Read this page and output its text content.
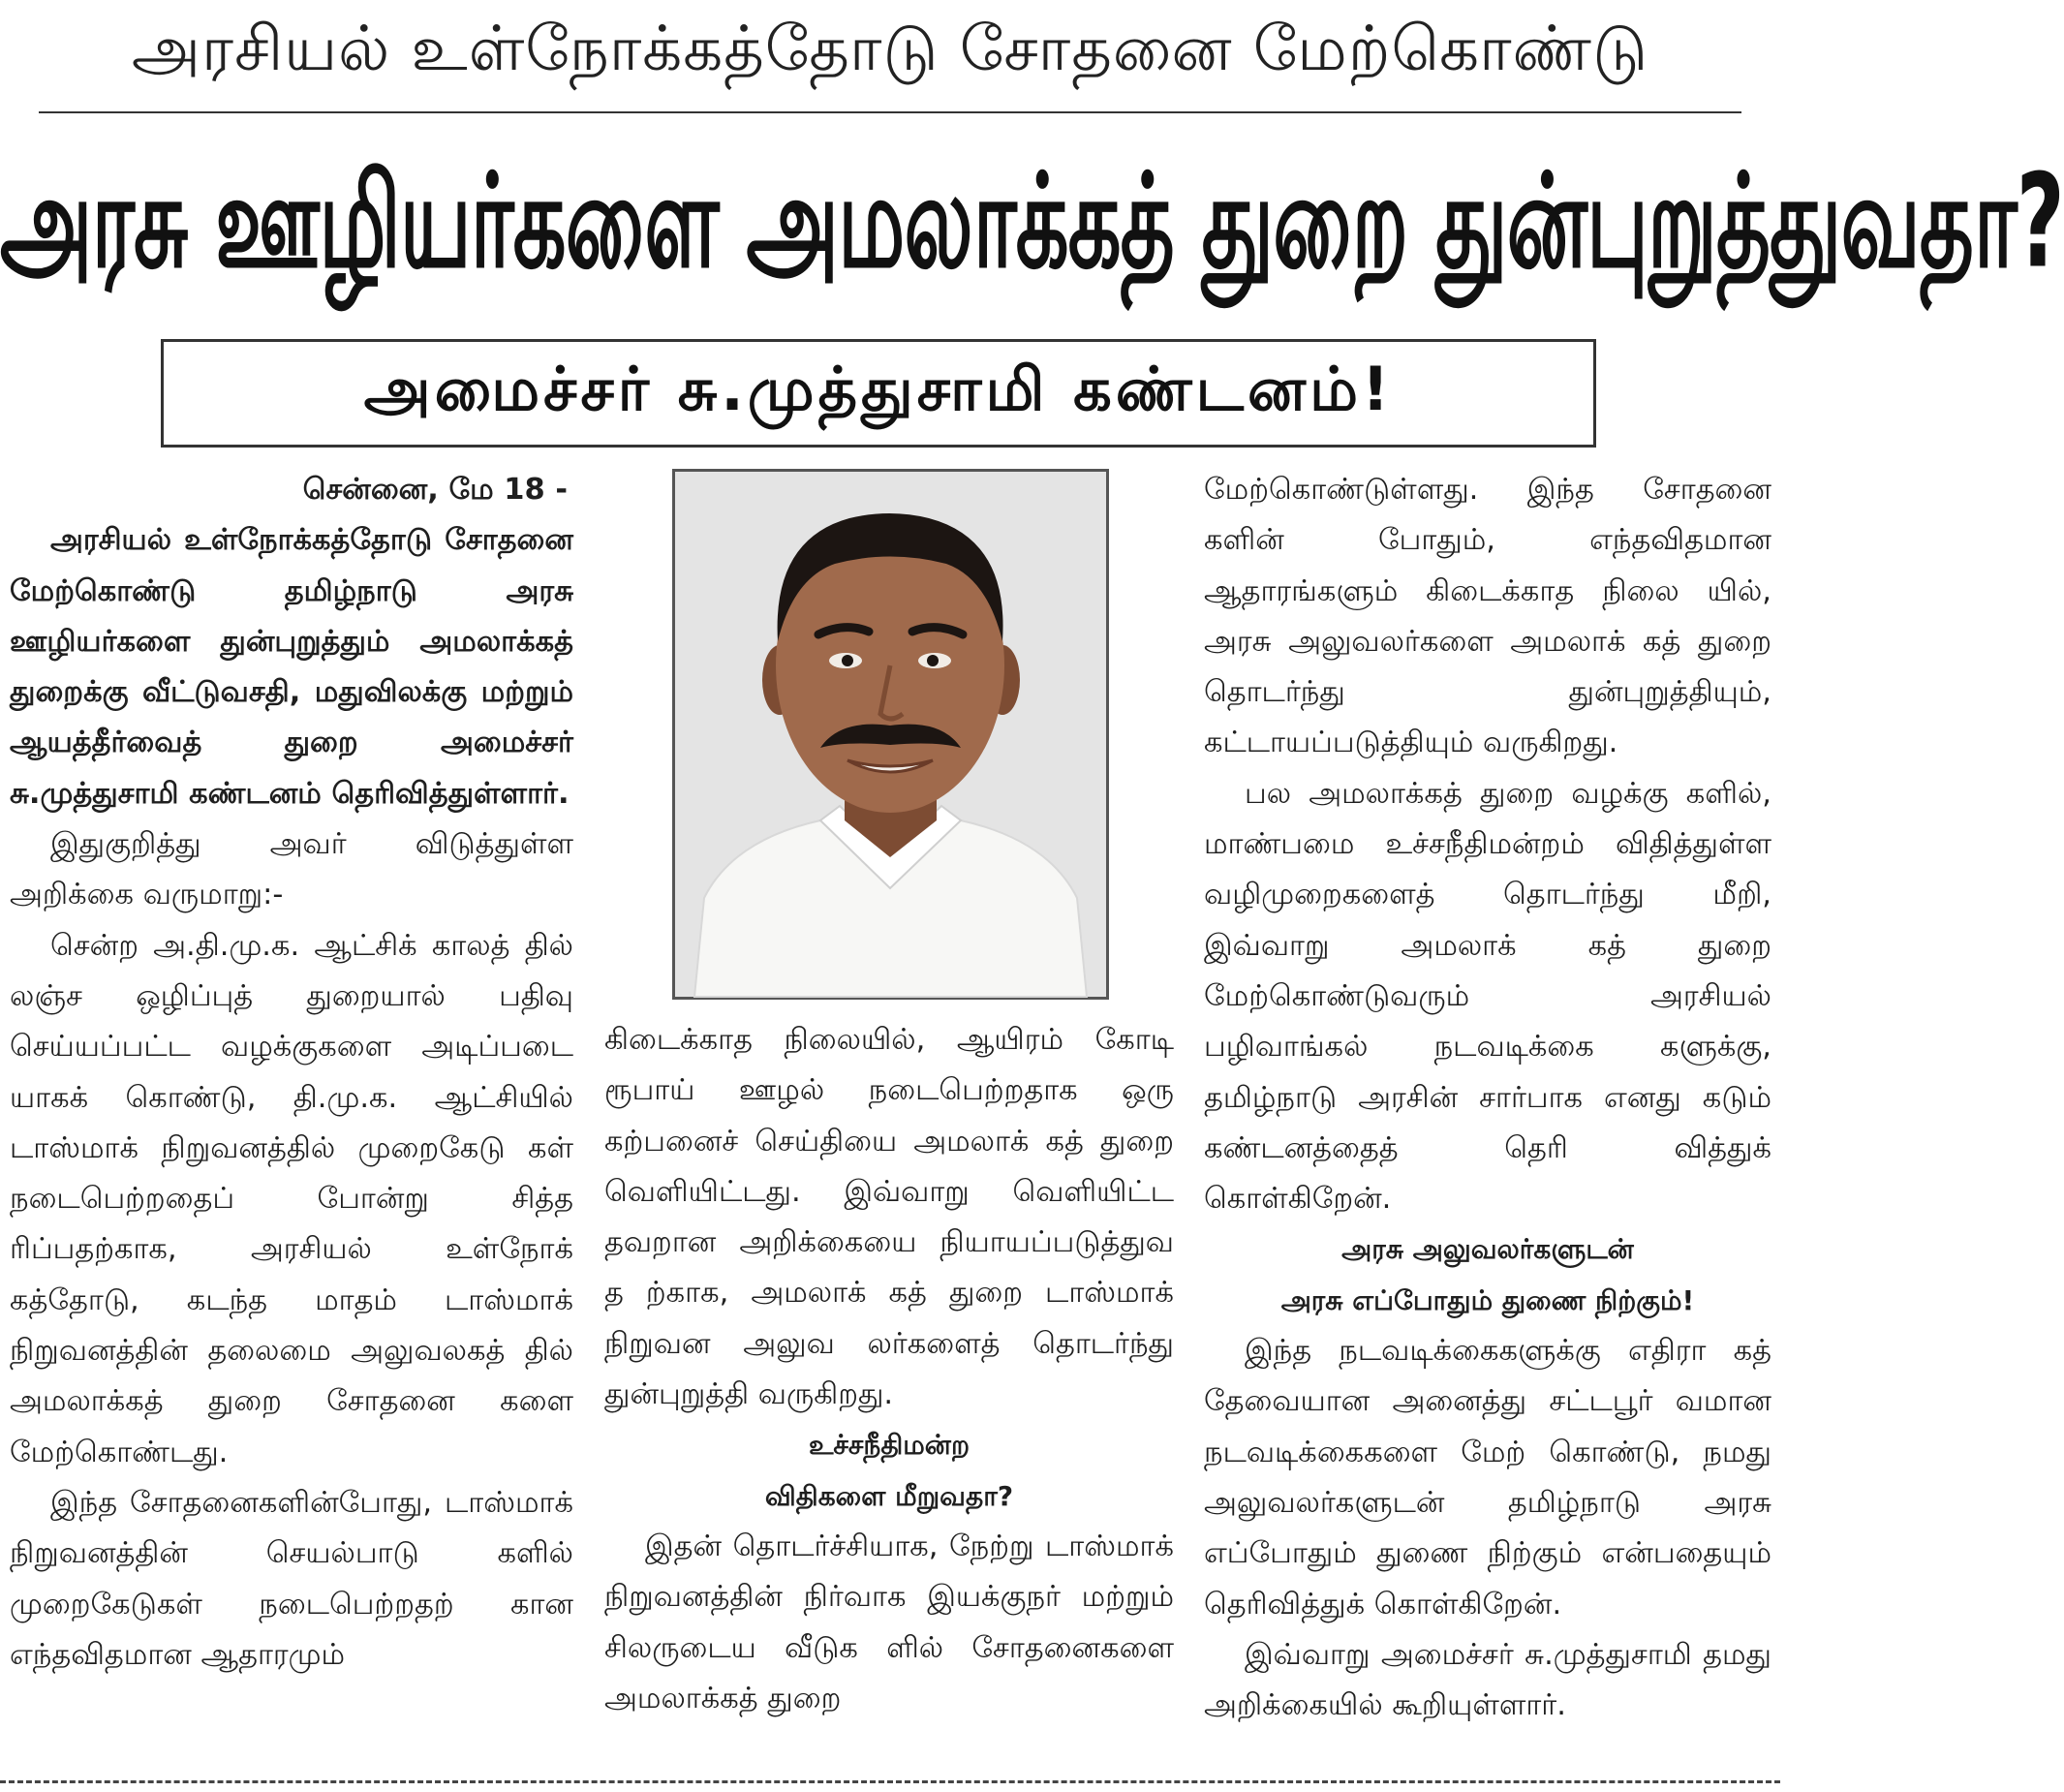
அரசியல் உள்நோக்கத்தோடு சோதனை மேற்கொண்டு
அரசு ஊழியர்களை அமலாக்கத் துறை துன்புறுத்துவதா?
அமைச்சர் சு.முத்துசாமி கண்டனம்!

சென்னை, மே 18 -

அரசியல் உள்நோக்கத்தோடு சோதனை மேற்கொண்டு தமிழ்நாடு அரசு ஊழியர்களை துன்புறுத்தும் அமலாக்கத் துறைக்கு வீட்டுவசதி, மதுவிலக்கு மற்றும் ஆயத்தீர்வைத் துறை அமைச்சர் சு.முத்துசாமி கண்டனம் தெரிவித்துள்ளார்.

இதுகுறித்து அவர் விடுத்துள்ள அறிக்கை வருமாறு:-

சென்ற அ.தி.மு.க. ஆட்சிக் காலத் தில் லஞ்ச ஒழிப்புத் துறையால் பதிவு செய்யப்பட்ட வழக்குகளை அடிப்படை யாகக் கொண்டு, தி.மு.க. ஆட்சியில் டாஸ்மாக் நிறுவனத்தில் முறைகேடு கள் நடைபெற்றதைப் போன்று சித்த ரிப்பதற்காக, அரசியல் உள்நோக் கத்தோடு, கடந்த மாதம் டாஸ்மாக் நிறுவனத்தின் தலைமை அலுவலகத் தில் அமலாக்கத் துறை சோதனை களை மேற்கொண்டது.

இந்த சோதனைகளின்போது, டாஸ்மாக் நிறுவனத்தின் செயல்பாடு களில் முறைகேடுகள் நடைபெற்றதற் கான எந்தவிதமான ஆதாரமும்

கிடைக்காத நிலையில், ஆயிரம் கோடி ரூபாய் ஊழல் நடைபெற்றதாக ஒரு கற்பனைச் செய்தியை அமலாக் கத் துறை வெளியிட்டது. இவ்வாறு வெளியிட்ட தவறான அறிக்கையை நியாயப்படுத்துவ த ற்காக, அமலாக் கத் துறை டாஸ்மாக் நிறுவன அலுவ லர்களைத் தொடர்ந்து துன்புறுத்தி வருகிறது.

உச்சநீதிமன்ற

விதிகளை மீறுவதா?

இதன் தொடர்ச்சியாக, நேற்று டாஸ்மாக் நிறுவனத்தின் நிர்வாக இயக்குநர் மற்றும் சிலருடைய வீடுக ளில் சோதனைகளை அமலாக்கத் துறை

மேற்கொண்டுள்ளது. இந்த சோதனை களின் போதும், எந்தவிதமான ஆதாரங்களும் கிடைக்காத நிலை யில், அரசு அலுவலர்களை அமலாக் கத் துறை தொடர்ந்து துன்புறுத்தியும், கட்டாயப்படுத்தியும் வருகிறது.

பல அமலாக்கத் துறை வழக்கு களில், மாண்பமை உச்சநீதிமன்றம் விதித்துள்ள வழிமுறைகளைத் தொடர்ந்து மீறி, இவ்வாறு அமலாக் கத் துறை மேற்கொண்டுவரும் அரசியல் பழிவாங்கல் நடவடிக்கை களுக்கு, தமிழ்நாடு அரசின் சார்பாக எனது கடும் கண்டனத்தைத் தெரி வித்துக் கொள்கிறேன்.

அரசு அலுவலர்களுடன்

அரசு எப்போதும் துணை நிற்கும்!

இந்த நடவடிக்கைகளுக்கு எதிரா கத் தேவையான அனைத்து சட்டபூர் வமான நடவடிக்கைகளை மேற் கொண்டு, நமது அலுவலர்களுடன் தமிழ்நாடு அரசு எப்போதும் துணை நிற்கும் என்பதையும் தெரிவித்துக் கொள்கிறேன்.

இவ்வாறு அமைச்சர் சு.முத்துசாமி தமது அறிக்கையில் கூறியுள்ளார்.
